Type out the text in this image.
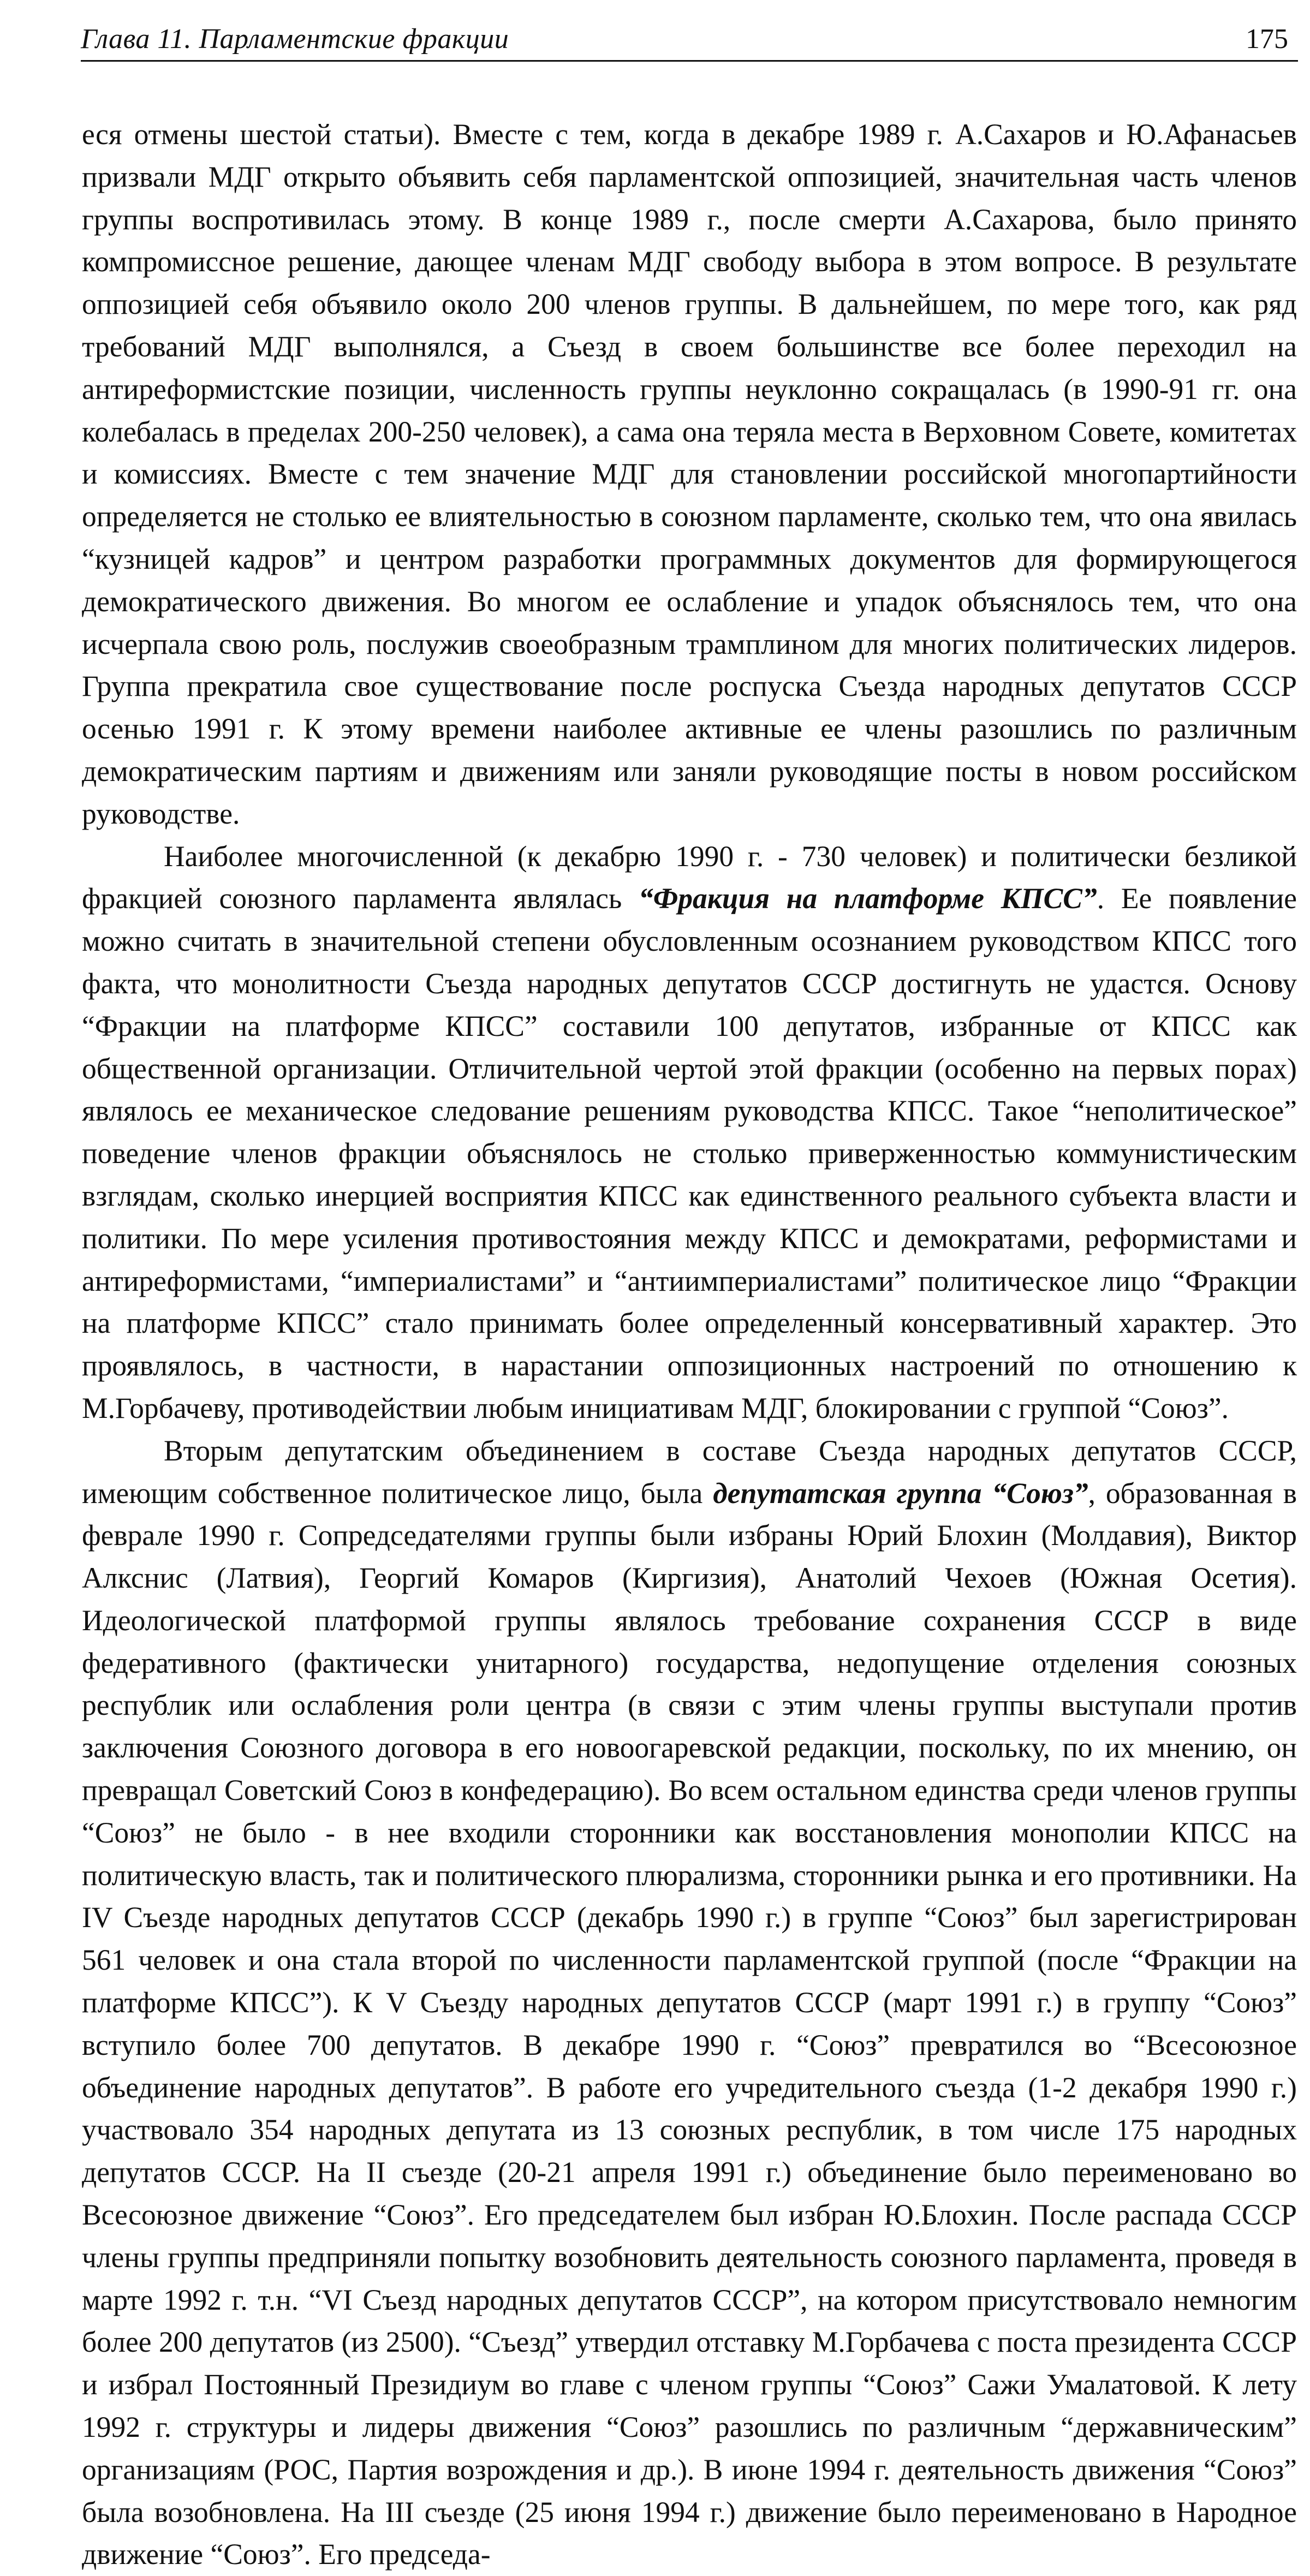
Глава 11. Парламентские фракции	175

еся отмены шестой статьи). Вместе с тем, когда в декабре 1989 г. А.Сахаров и Ю.Афанасьев призвали МДГ открыто объявить себя парламентской оппозицией, значительная часть членов группы воспротивилась этому. В конце 1989 г., после смерти А.Сахарова, было принято компромиссное решение, дающее членам МДГ свободу выбора в этом вопросе. В результате оппозицией себя объявило около 200 членов группы. В дальнейшем, по мере того, как ряд требований МДГ выполнялся, а Съезд в своем большинстве все более переходил на антиреформистские позиции, численность группы неуклонно сокращалась (в 1990-91 гг. она колебалась в пределах 200-250 человек), а сама она теряла места в Верховном Совете, комитетах и комиссиях. Вместе с тем значение МДГ для становлении российской многопартийности определяется не столько ее влиятельностью в союзном парламенте, сколько тем, что она явилась “кузницей кадров” и центром разработки программных документов для формирующегося демократического движения. Во многом ее ослабление и упадок объяснялось тем, что она исчерпала свою роль, послужив своеобразным трамплином для многих политических лидеров. Группа прекратила свое существование после роспуска Съезда народных депутатов СССР осенью 1991 г. К этому времени наиболее активные ее члены разошлись по различным демократическим партиям и движениям или заняли руководящие посты в новом российском руководстве.

Наиболее многочисленной (к декабрю 1990 г. - 730 человек) и политически безликой фракцией союзного парламента являлась “Фракция на платформе КПСС”. Ее появление можно считать в значительной степени обусловленным осознанием руководством КПСС того факта, что монолитности Съезда народных депутатов СССР достигнуть не удастся. Основу “Фракции на платформе КПСС” составили 100 депутатов, избранные от КПСС как общественной организации. Отличительной чертой этой фракции (особенно на первых порах) являлось ее механическое следование решениям руководства КПСС. Такое “неполитическое” поведение членов фракции объяснялось не столько приверженностью коммунистическим взглядам, сколько инерцией восприятия КПСС как единственного реального субъекта власти и политики. По мере усиления противостояния между КПСС и демократами, реформистами и антиреформистами, “империалистами” и “антиимпериалистами” политическое лицо “Фракции на платформе КПСС” стало принимать более определенный консервативный характер. Это проявлялось, в частности, в нарастании оппозиционных настроений по отношению к М.Горбачеву, противодействии любым инициативам МДГ, блокировании с группой “Союз”.

Вторым депутатским объединением в составе Съезда народных депутатов СССР, имеющим собственное политическое лицо, была депутатская группа “Союз”, образованная в феврале 1990 г. Сопредседателями группы были избраны Юрий Блохин (Молдавия), Виктор Алкснис (Латвия), Георгий Комаров (Киргизия), Анатолий Чехоев (Южная Осетия). Идеологической платформой группы являлось требование сохранения СССР в виде федеративного (фактически унитарного) государства, недопущение отделения союзных республик или ослабления роли центра (в связи с этим члены группы выступали против заключения Союзного договора в его новоогаревской редакции, поскольку, по их мнению, он превращал Советский Союз в конфедерацию). Во всем остальном единства среди членов группы “Союз” не было - в нее входили сторонники как восстановления монополии КПСС на политическую власть, так и политического плюрализма, сторонники рынка и его противники. На IV Съезде народных депутатов СССР (декабрь 1990 г.) в группе “Союз” был зарегистрирован 561 человек и она стала второй по численности парламентской группой (после “Фракции на платформе КПСС”). К V Съезду народных депутатов СССР (март 1991 г.) в группу “Союз” вступило более 700 депутатов. В декабре 1990 г. “Союз” превратился во “Всесоюзное объединение народных депутатов”. В работе его учредительного съезда (1-2 декабря 1990 г.) участвовало 354 народных депутата из 13 союзных республик, в том числе 175 народных депутатов СССР. На II съезде (20-21 апреля 1991 г.) объединение было переименовано во Всесоюзное движение “Союз”. Его председателем был избран Ю.Блохин. После распада СССР члены группы предприняли попытку возобновить деятельность союзного парламента, проведя в марте 1992 г. т.н. “VI Съезд народных депутатов СССР”, на котором присутствовало немногим более 200 депутатов (из 2500). “Съезд” утвердил отставку М.Горбачева с поста президента СССР и избрал Постоянный Президиум во главе с членом группы “Союз” Сажи Умалатовой. К лету 1992 г. структуры и лидеры движения “Союз” разошлись по различным “державническим” организациям (РОС, Партия возрождения и др.). В июне 1994 г. деятельность движения “Союз” была возобновлена. На III съезде (25 июня 1994 г.) движение было переименовано в Народное движение “Союз”. Его председа-
